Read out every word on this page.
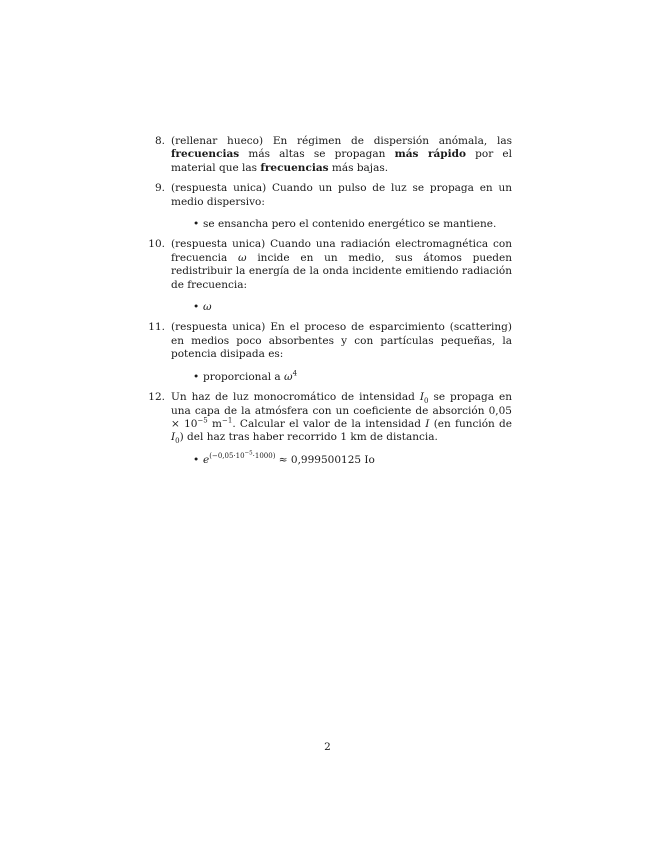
8. (rellenar hueco) En régimen de dispersión anómala, las frecuencias más altas se propagan más rápido por el material que las frecuencias más bajas.
9. (respuesta unica) Cuando un pulso de luz se propaga en un medio dispersivo:
• se ensancha pero el contenido energético se mantiene.
10. (respuesta unica) Cuando una radiación electromagnética con frecuencia ω incide en un medio, sus átomos pueden redistribuir la energía de la onda incidente emitiendo radiación de frecuencia:
• ω
11. (respuesta unica) En el proceso de esparcimiento (scattering) en medios poco absorbentes y con partículas pequeñas, la potencia disipada es:
• proporcional a $\omega^4$
12. Un haz de luz monocromático de intensidad $I_0$ se propaga en una capa de la atmósfera con un coeficiente de absorción $0,05 \times 10^{-5}$ $m^{-1}$. Calcular el valor de la intensidad I (en función de $I_0$) del haz tras haber recorrido 1 km de distancia.
• $e^{(-0,05\cdot 10^{-5}\cdot 1000)} \approx 0,999500125$ Io
2
